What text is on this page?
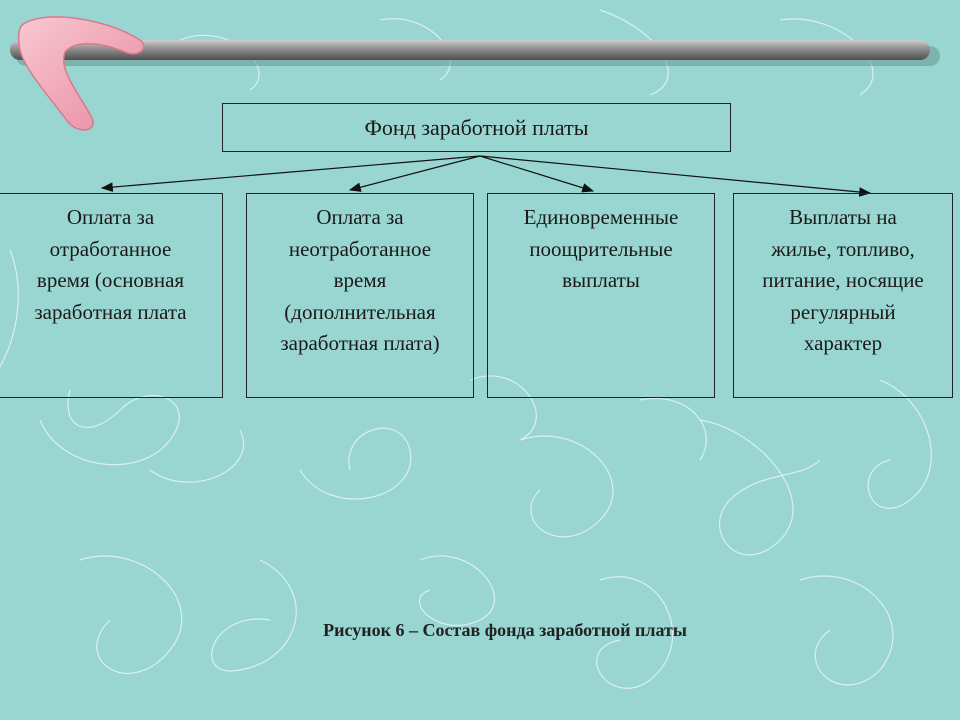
Фонд заработной платы
Оплата за
отработанное
время (основная
заработная плата
Оплата за
неотработанное
время
(дополнительная
заработная плата)
Единовременные
поощрительные
выплаты
Выплаты на
жилье, топливо,
питание, носящие
регулярный
характер
Рисунок 6 – Состав фонда заработной платы
